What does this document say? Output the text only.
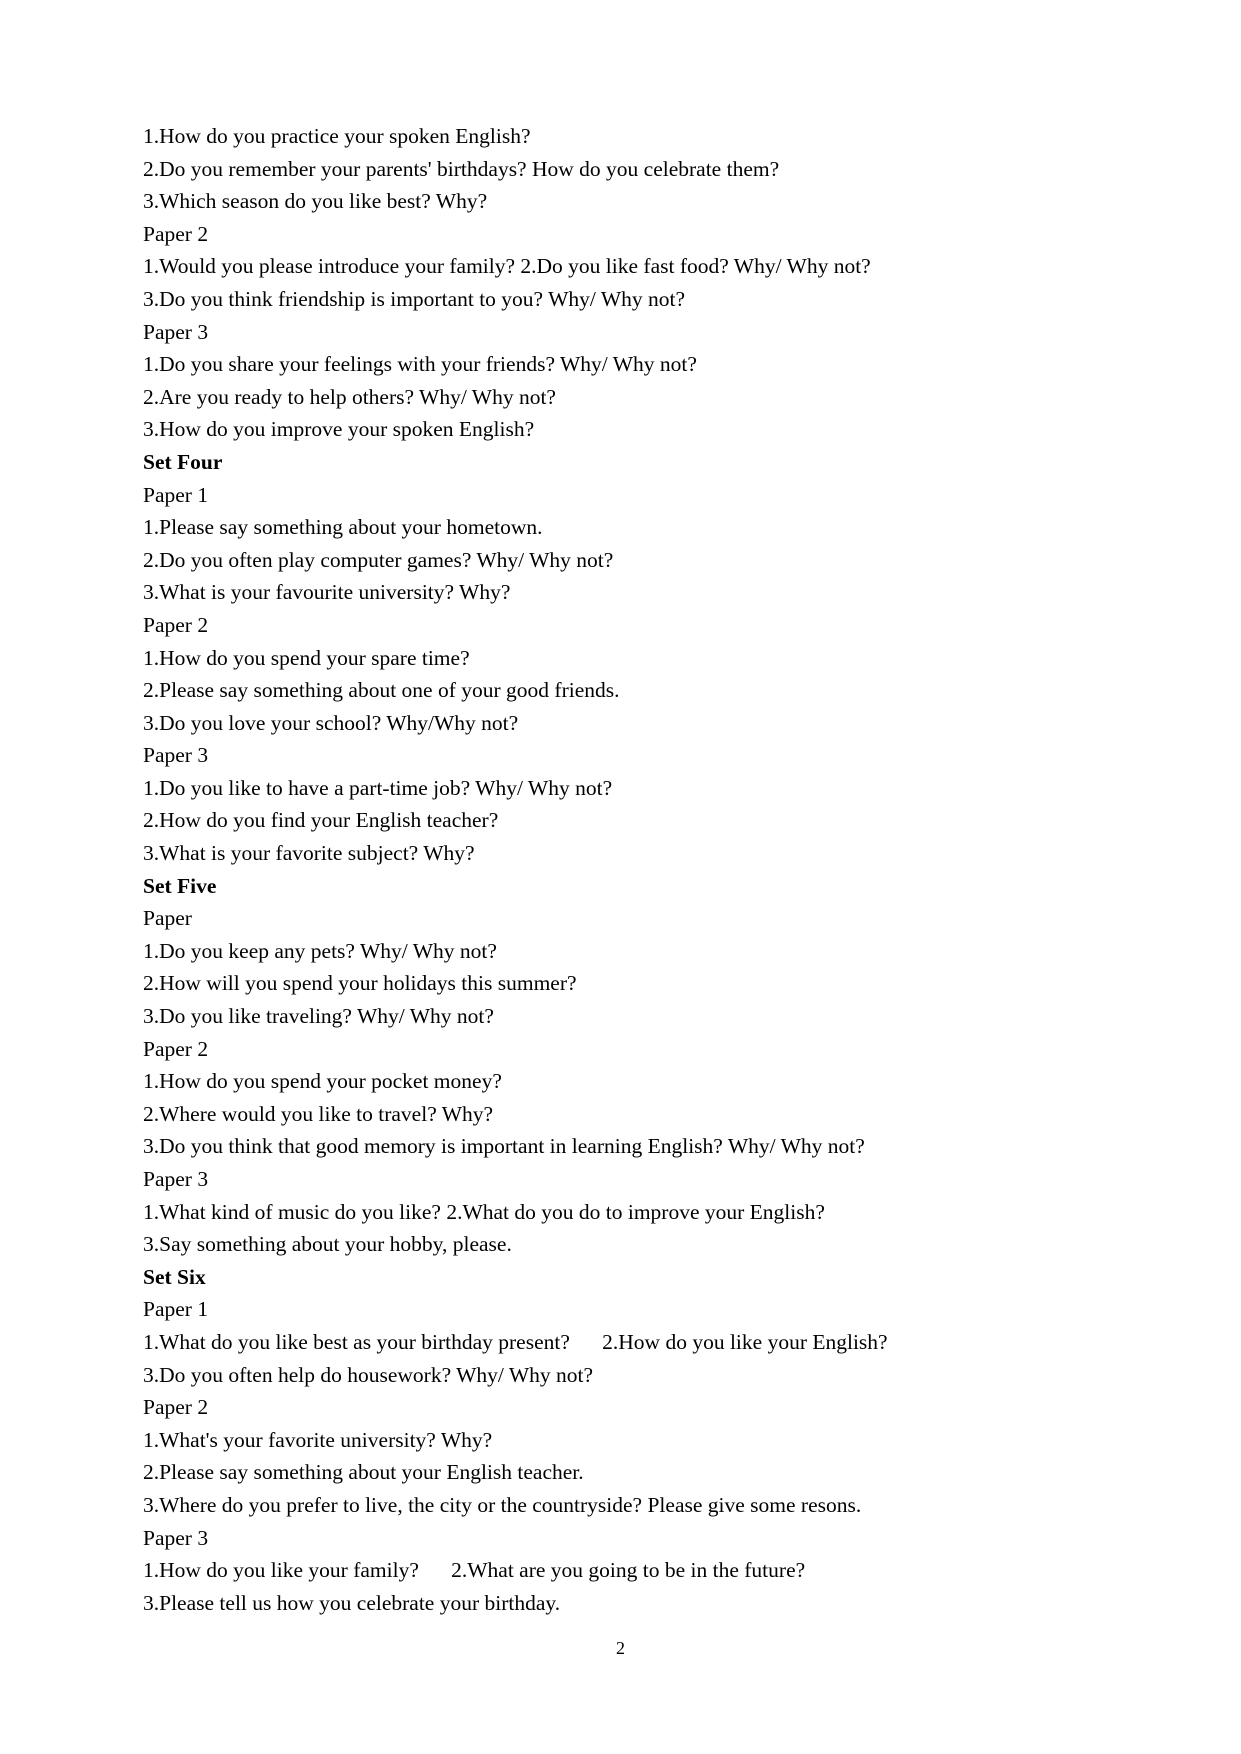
1.How do you practice your spoken English?

2.Do you remember your parents' birthdays? How do you celebrate them?

3.Which season do you like best? Why?

Paper 2

1.Would you please introduce your family? 2.Do you like fast food? Why/ Why not?

3.Do you think friendship is important to you? Why/ Why not?

Paper 3

1.Do you share your feelings with your friends? Why/ Why not?

2.Are you ready to help others? Why/ Why not?

3.How do you improve your spoken English?

Set Four

Paper 1

1.Please say something about your hometown.

2.Do you often play computer games? Why/ Why not?

3.What is your favourite university? Why?

Paper 2

1.How do you spend your spare time?

2.Please say something about one of your good friends.

3.Do you love your school? Why/Why not?

Paper 3

1.Do you like to have a part-time job? Why/ Why not?

2.How do you find your English teacher?

3.What is your favorite subject? Why?

Set Five

Paper

1.Do you keep any pets? Why/ Why not?

2.How will you spend your holidays this summer?

3.Do you like traveling? Why/ Why not?

Paper 2

1.How do you spend your pocket money?

2.Where would you like to travel? Why?

3.Do you think that good memory is important in learning English? Why/ Why not?

Paper 3

1.What kind of music do you like? 2.What do you do to improve your English?

3.Say something about your hobby, please.

Set Six

Paper 1

1.What do you like best as your birthday present?      2.How do you like your English?

3.Do you often help do housework? Why/ Why not?

Paper 2

1.What's your favorite university? Why?

2.Please say something about your English teacher.

3.Where do you prefer to live, the city or the countryside? Please give some resons.

Paper 3

1.How do you like your family?      2.What are you going to be in the future?

3.Please tell us how you celebrate your birthday.

2
